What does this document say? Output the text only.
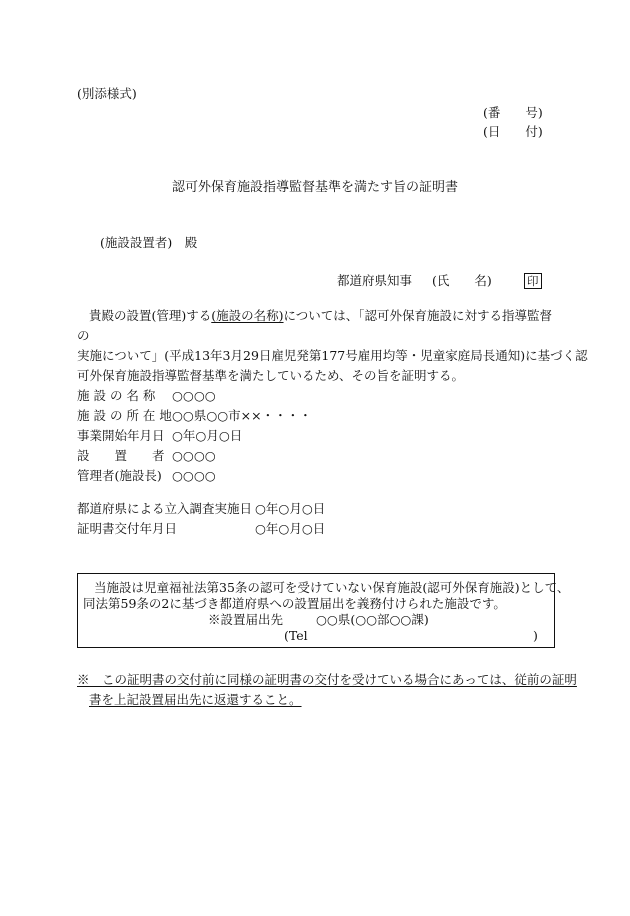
(別添様式)
(番　　号)
(日　　付)
認可外保育施設指導監督基準を満たす旨の証明書
(施設設置者)　殿
都道府県知事 (氏　　名)	印

貴殿の設置(管理)する(施設の名称)については、「認可外保育施設に対する指導監督の

実施について」(平成13年3月29日雇児発第177号雇用均等・児童家庭局長通知)に基づく認

可外保育施設指導監督基準を満たしているため、その旨を証明する。

施 設 の 名 称	○○○○
施 設 の 所 在 地	○○県○○市××・・・・
事業開始年月日	○年○月○日
設　　置　　者	○○○○
管理者(施設長)	○○○○
都道府県による立入調査実施日	○年○月○日
証明書交付年月日	○年○月○日
当施設は児童福祉法第35条の認可を受けていない保育施設(認可外保育施設)として、
同法第59条の2に基づき都道府県への設置届出を義務付けられた施設です。
※設置届出先	○○県(○○部○○課)
(Tel	)

※　 この証明書の交付前に同様の証明書の交付を受けている場合にあっては、従前の証明

書を上記設置届出先に返還すること。
